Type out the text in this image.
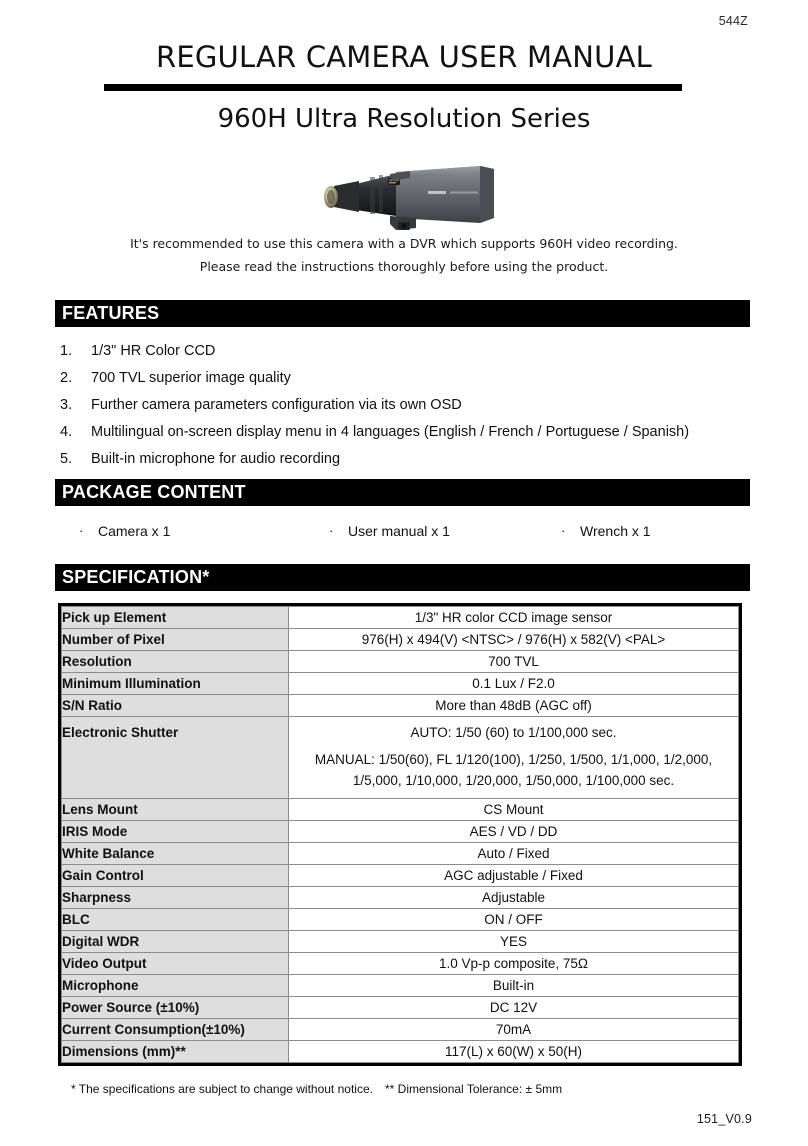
544Z
REGULAR CAMERA USER MANUAL
960H Ultra Resolution Series
It's recommended to use this camera with a DVR which supports 960H video recording.
Please read the instructions thoroughly before using the product.
FEATURES
1.	1/3" HR Color CCD
2.	700 TVL superior image quality
3.	Further camera parameters configuration via its own OSD
4.	Multilingual on-screen display menu in 4 languages (English / French / Portuguese / Spanish)
5.	Built-in microphone for audio recording
PACKAGE CONTENT
· Camera x 1	· User manual x 1	· Wrench x 1
SPECIFICATION*
Pick up Element	1/3" HR color CCD image sensor

Number of Pixel	976(H) x 494(V) <NTSC> / 976(H) x 582(V) <PAL>

Resolution	700 TVL

Minimum Illumination	0.1 Lux / F2.0

S/N Ratio	More than 48dB (AGC off)

Electronic Shutter	AUTO: 1/50 (60) to 1/100,000 sec.
MANUAL: 1/50(60), FL 1/120(100), 1/250, 1/500, 1/1,000, 1/2,000,
1/5,000, 1/10,000, 1/20,000, 1/50,000, 1/100,000 sec.

Lens Mount	CS Mount

IRIS Mode	AES / VD / DD

White Balance	Auto / Fixed

Gain Control	AGC adjustable / Fixed

Sharpness	Adjustable

BLC	ON / OFF

Digital WDR	YES

Video Output	1.0 Vp-p composite, 75Ω

Microphone	Built-in

Power Source (±10%)	DC 12V

Current Consumption(±10%)	70mA

Dimensions (mm)**	117(L) x 60(W) x 50(H)
* The specifications are subject to change without notice. ** Dimensional Tolerance: ± 5mm
151_V0.9
